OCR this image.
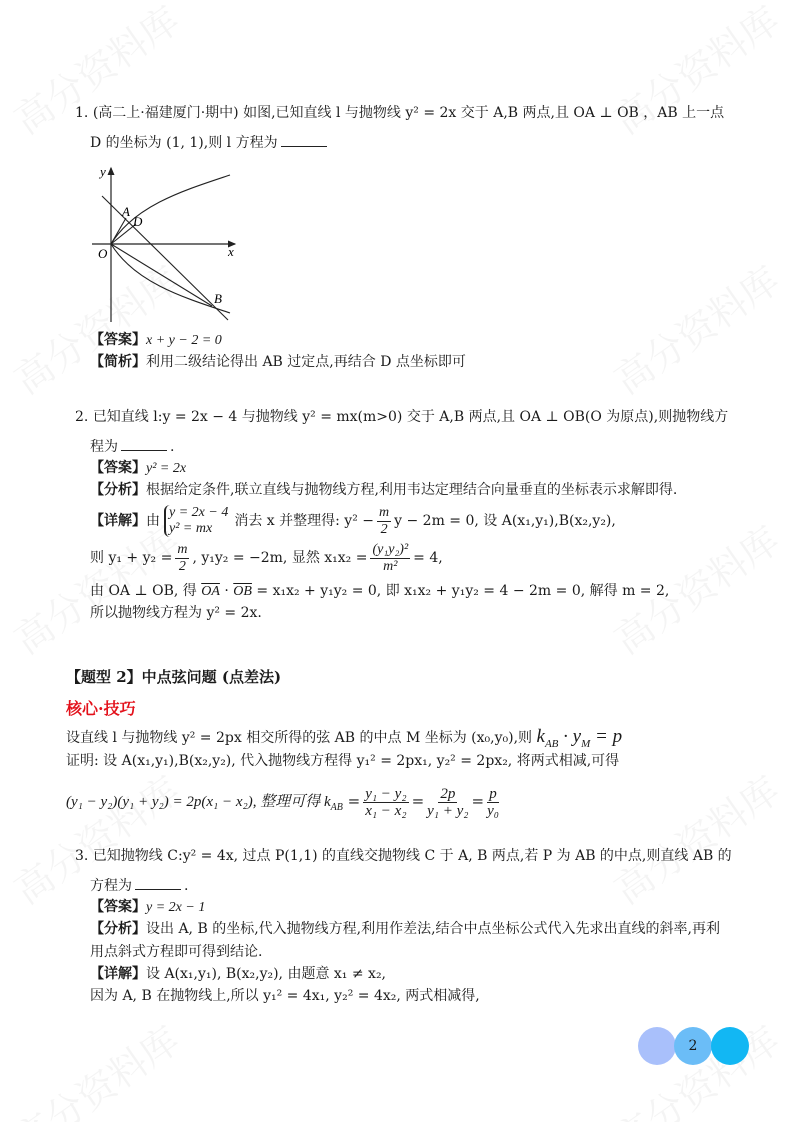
1. (高二上·福建厦门·期中) 如图,已知直线 l 与抛物线 y² = 2x 交于 A,B 两点,且 OA ⊥ OB ，AB 上一点
D 的坐标为 (1, 1),则 l 方程为
y
x
O
A
D
B
【答案】x + y − 2 = 0
【简析】利用二级结论得出 AB 过定点,再结合 D 点坐标即可
2. 已知直线 l:y = 2x − 4 与抛物线 y² = mx(m>0) 交于 A,B 两点,且 OA ⊥ OB(O 为原点),则抛物线方
程为	.
【答案】y² = 2x
【分析】根据给定条件,联立直线与抛物线方程,利用韦达定理结合向量垂直的坐标表示求解即得.
【详解】由
y = 2x − 4
y² = mx	消去 x 并整理得: $y^2 - \frac{m}{2}$ y − 2m = 0, 设 A(x₁,y₁),B(x₂,y₂),
则 $y_1 + y_2 = \frac{m}{2}$ , y₁y₂ = −2m, 显然 $x_1x_2 = \frac{\text{(y₁y₂)²}}{\text{m²}} = 4$,
由 OA ⊥ OB, 得 $\overline{OA} \cdot \overline{OB} = x_1x_2 + y_1y_2 = 0$, 即 x₁x₂ + y₁y₂ = 4 − 2m = 0, 解得 m = 2,
所以抛物线方程为 y² = 2x.
【题型 2】中点弦问题 (点差法)
核心·技巧
设直线 l 与抛物线 y² = 2px 相交所得的弦 AB 的中点 M 坐标为 (x₀,y₀),则 $k_{AB} \cdot y_M = p$
证明: 设 A(x₁,y₁),B(x₂,y₂), 代入抛物线方程得 y₁² = 2px₁, y₂² = 2px₂, 将两式相减,可得
(y₁ − y₂)(y₁ + y₂) = 2p(x₁ − x₂), 整理可得 $k_{AB} = \frac{\text{y₁ − y₂}}{\text{x₁ − x₂}} = \frac{2p}{\text{y₁ + y₂}} = \frac{p}{\text{y₀}}$
3. 已知抛物线 C:y² = 4x, 过点 P(1,1) 的直线交抛物线 C 于 A, B 两点,若 P 为 AB 的中点,则直线 AB 的
方程为	.
【答案】y = 2x − 1
【分析】设出 A, B 的坐标,代入抛物线方程,利用作差法,结合中点坐标公式代入先求出直线的斜率,再利
用点斜式方程即可得到结论.
【详解】设 A(x₁,y₁), B(x₂,y₂), 由题意 x₁ ≠ x₂,
因为 A, B 在抛物线上,所以 y₁² = 4x₁, y₂² = 4x₂, 两式相减得,
2
